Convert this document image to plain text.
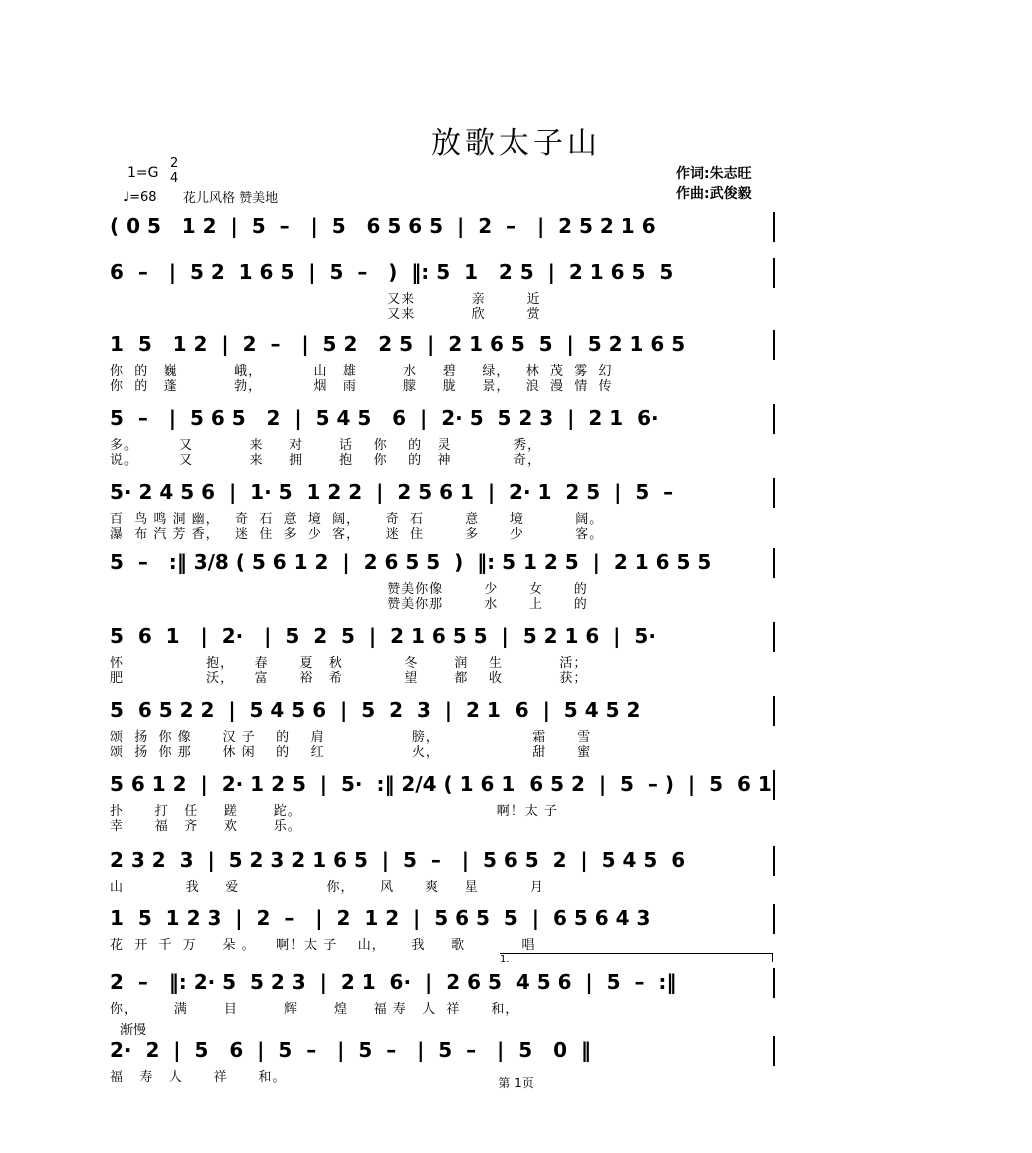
放歌太子山
1=G
2
4
♩=68 花儿风格 赞美地
作词:朱志旺
作曲:武俊毅
( 0 5   1 2  |  5  –   |  5   6 5 6 5  |  2  –   |  2 5 2 1 6
6  –   |  5 2  1 6 5  |  5  –   )  ‖: 5  1   2 5  |  2 1 6 5  5
又来           亲        近
又来           欣        赏
1  5   1 2  |  2  –   |  5 2   2 5  |  2 1 6 5  5  |  5 2 1 6 5
你  的   巍           峨，          山   雄         水     碧     绿，   林  茂  雾  幻
你  的   蓬           勃，          烟   雨         朦     胧     景，   浪  漫  情  传
5  –   |  5 6 5   2  |  5 4 5   6  |  2· 5  5 2 3  |  2 1  6·
多。        又           来     对       话    你    的   灵            秀，
说。        又           来     拥       抱    你    的   神            奇，
5· 2 4 5 6  |  1· 5  1 2 2  |  2 5 6 1  |  2· 1  2 5  |  5  –
百  鸟 鸣 洞 幽，   奇  石  意  境  阔，     奇  石        意      境          阔。
瀑  布 汽 芳 香，   迷  住  多  少  客，     迷  住        多      少          客。
5  –   :‖ 3/8 ( 5 6 1 2  |  2 6 5 5  )  ‖: 5 1 2 5  |  2 1 6 5 5
赞美你像        少      女      的
赞美你那        水      上      的
5  6  1   |  2·   |  5  2  5  |  2 1 6 5 5  |  5 2 1 6  |  5·
怀                抱，    春      夏   秋            冬       润    生           活；
肥                沃，    富      裕   希            望       都    收           获；
5  6 5 2 2  |  5 4 5 6  |  5  2  3  |  2 1  6  |  5 4 5 2
颂  扬  你 像      汉 子    的    肩                 膀，                  霜      雪
颂  扬  你 那      休 闲    的    红                 火，                  甜      蜜
5 6 1 2  |  2· 1 2 5  |  5·  :‖ 2/4 ( 1 6 1  6 5 2  |  5  – )  |  5  6 1
扑      打   任     蹉       跎。                                      啊！太 子
幸      福   齐     欢       乐。
2 3 2  3  |  5 2 3 2 1 6 5  |  5  –   |  5 6 5  2  |  5 4 5  6
山            我     爱                 你，     风      爽     星          月
1  5  1 2 3  |  2  –   |  2  1 2  |  5 6 5  5  |  6 5 6 4 3
花  开  千  万     朵 。    啊！太 子    山，     我     歌           唱
2  –   ‖: 2· 5  5 2 3  |  2 1  6·  |  2 6 5  4 5 6  |  5  –  :‖
你，       满       目         辉       煌     福 寿   人  祥      和，
2·  2  |  5   6  |  5  –   |  5  –   |  5  –   |  5   0  ‖
福   寿   人      祥      和。
1.
渐慢
第 1页
